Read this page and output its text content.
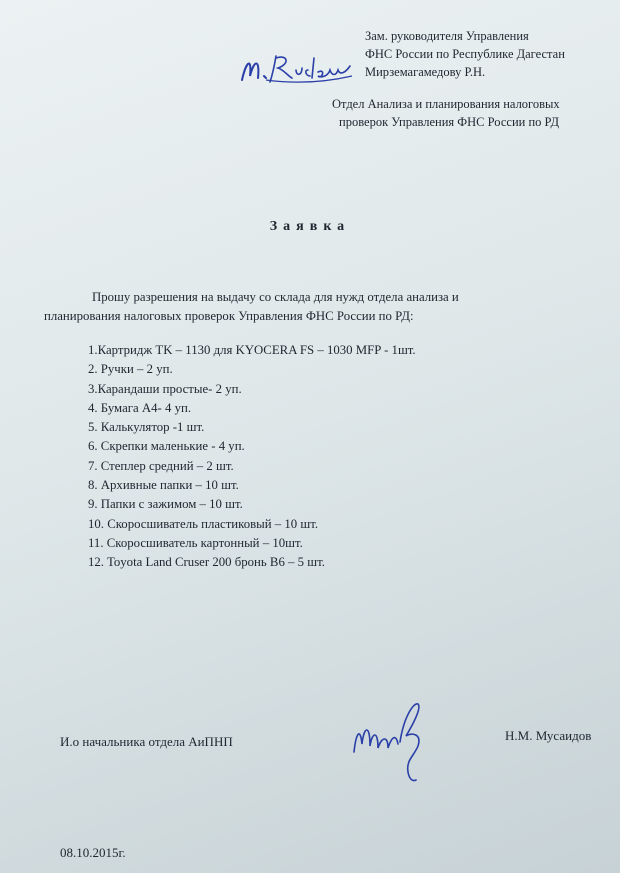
Зам. руководителя Управления
ФНС России по Республике Дагестан
Мирземагамедову Р.Н.
Отдел Анализа и планирования налоговых
проверок Управления ФНС России по РД
Заявка
Прошу разрешения на выдачу со склада для нужд отдела анализа и
планирования налоговых проверок Управления ФНС России по РД:
1.Картридж TK – 1130 для KYOCERA FS – 1030 MFP - 1шт.
2. Ручки – 2 уп.
3.Карандаши простые- 2 уп.
4. Бумага А4- 4 уп.
5. Калькулятор -1 шт.
6. Скрепки маленькие - 4 уп.
7. Степлер средний – 2 шт.
8. Архивные папки – 10 шт.
9. Папки с зажимом – 10 шт.
10. Скоросшиватель пластиковый – 10 шт.
11. Скоросшиватель картонный – 10шт.
12. Toyota Land Cruser 200 бронь B6 – 5 шт.
И.о начальника отдела АиПНП	Н.М. Мусаидов
08.10.2015г.
